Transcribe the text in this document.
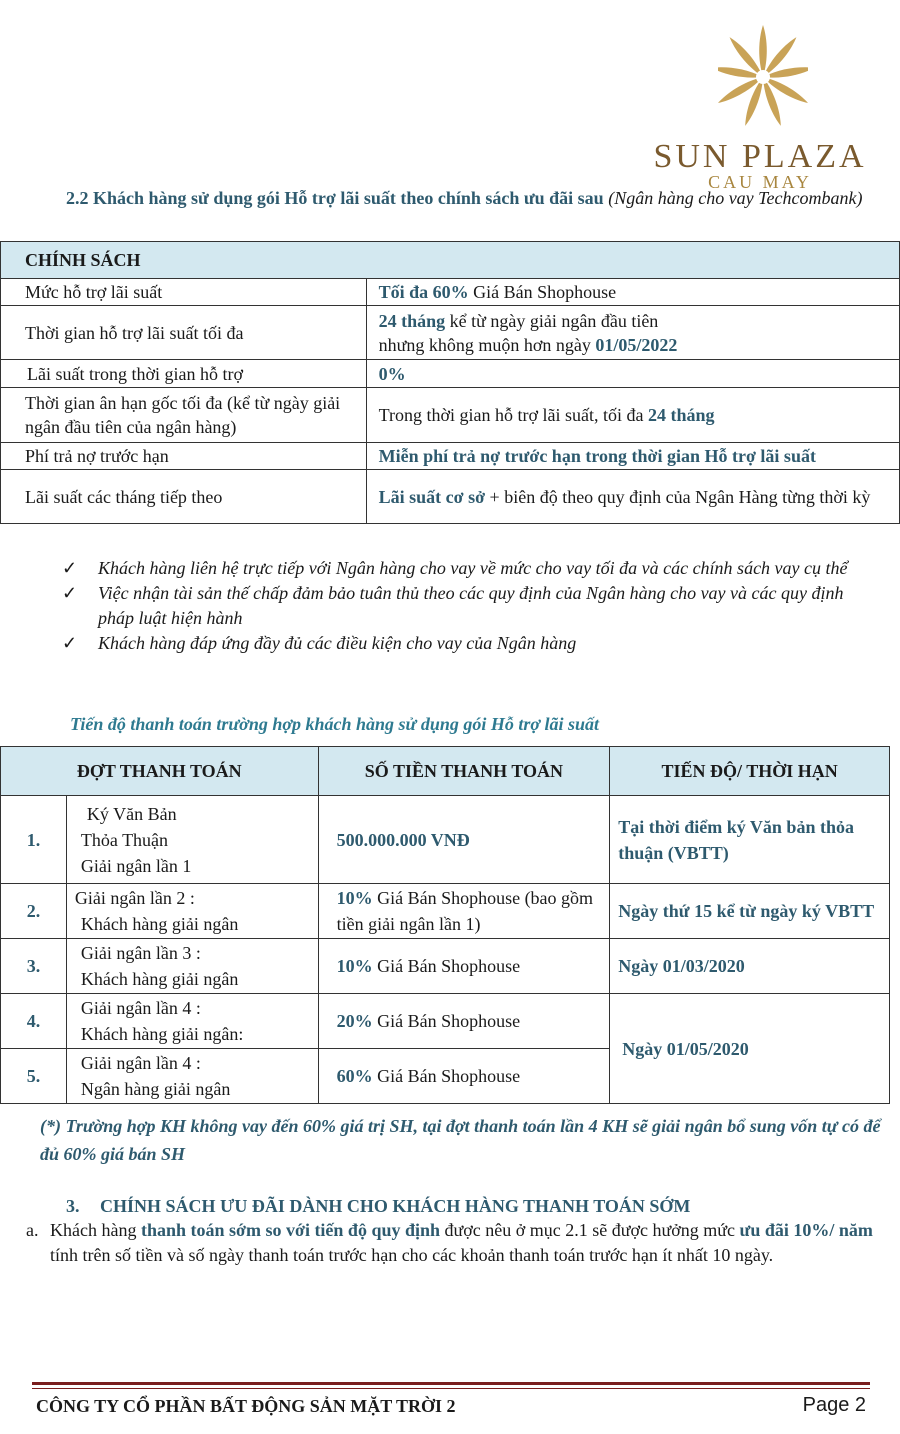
SUN PLAZA
CAU MAY
2.2 Khách hàng sử dụng gói Hỗ trợ lãi suất theo chính sách ưu đãi sau (Ngân hàng cho vay Techcombank)
CHÍNH SÁCH	
Mức hỗ trợ lãi suất	Tối đa 60% Giá Bán Shophouse
Thời gian hỗ trợ lãi suất tối đa	24 tháng kể từ ngày giải ngân đầu tiên
nhưng không muộn hơn ngày 01/05/2022
Lãi suất trong thời gian hỗ trợ	0%
Thời gian ân hạn gốc tối đa (kể từ ngày giải ngân đầu tiên của ngân hàng)	Trong thời gian hỗ trợ lãi suất, tối đa 24 tháng
Phí trả nợ trước hạn	Miễn phí trả nợ trước hạn trong thời gian Hỗ trợ lãi suất
Lãi suất các tháng tiếp theo	Lãi suất cơ sở + biên độ theo quy định của Ngân Hàng từng thời kỳ
✓ Khách hàng liên hệ trực tiếp với Ngân hàng cho vay về mức cho vay tối đa và các chính sách vay cụ thể
✓ Việc nhận tài sản thế chấp đảm bảo tuân thủ theo các quy định của Ngân hàng cho vay và các quy định pháp luật hiện hành
✓ Khách hàng đáp ứng đầy đủ các điều kiện cho vay của Ngân hàng
Tiến độ thanh toán trường hợp khách hàng sử dụng gói Hỗ trợ lãi suất
ĐỢT THANH TOÁN		SỐ TIỀN THANH TOÁN	TIẾN ĐỘ/ THỜI HẠN
1.	Ký Văn Bản
Thỏa Thuận
Giải ngân lần 1	500.000.000 VNĐ	Tại thời điểm ký Văn bản thỏa thuận (VBTT)
2.	Giải ngân lần 2 :
Khách hàng giải ngân	10% Giá Bán Shophouse (bao gồm tiền giải ngân lần 1)	Ngày thứ 15 kể từ ngày ký VBTT
3.	Giải ngân lần 3 :
Khách hàng giải ngân	10% Giá Bán Shophouse	Ngày 01/03/2020
4.	Giải ngân lần 4 :
Khách hàng giải ngân:	20% Giá Bán Shophouse	Ngày 01/05/2020
5.	Giải ngân lần 4 :
Ngân hàng giải ngân	60% Giá Bán Shophouse	
(*) Trường hợp KH không vay đến 60% giá trị SH, tại đợt thanh toán lần 4 KH sẽ giải ngân bổ sung vốn tự có để đủ 60% giá bán SH
3. CHÍNH SÁCH ƯU ĐÃI DÀNH CHO KHÁCH HÀNG THANH TOÁN SỚM
a. Khách hàng thanh toán sớm so với tiến độ quy định được nêu ở mục 2.1 sẽ được hưởng mức ưu đãi 10%/ năm tính trên số tiền và số ngày thanh toán trước hạn cho các khoản thanh toán trước hạn ít nhất 10 ngày.
CÔNG TY CỔ PHẦN BẤT ĐỘNG SẢN MẶT TRỜI 2	Page 2
